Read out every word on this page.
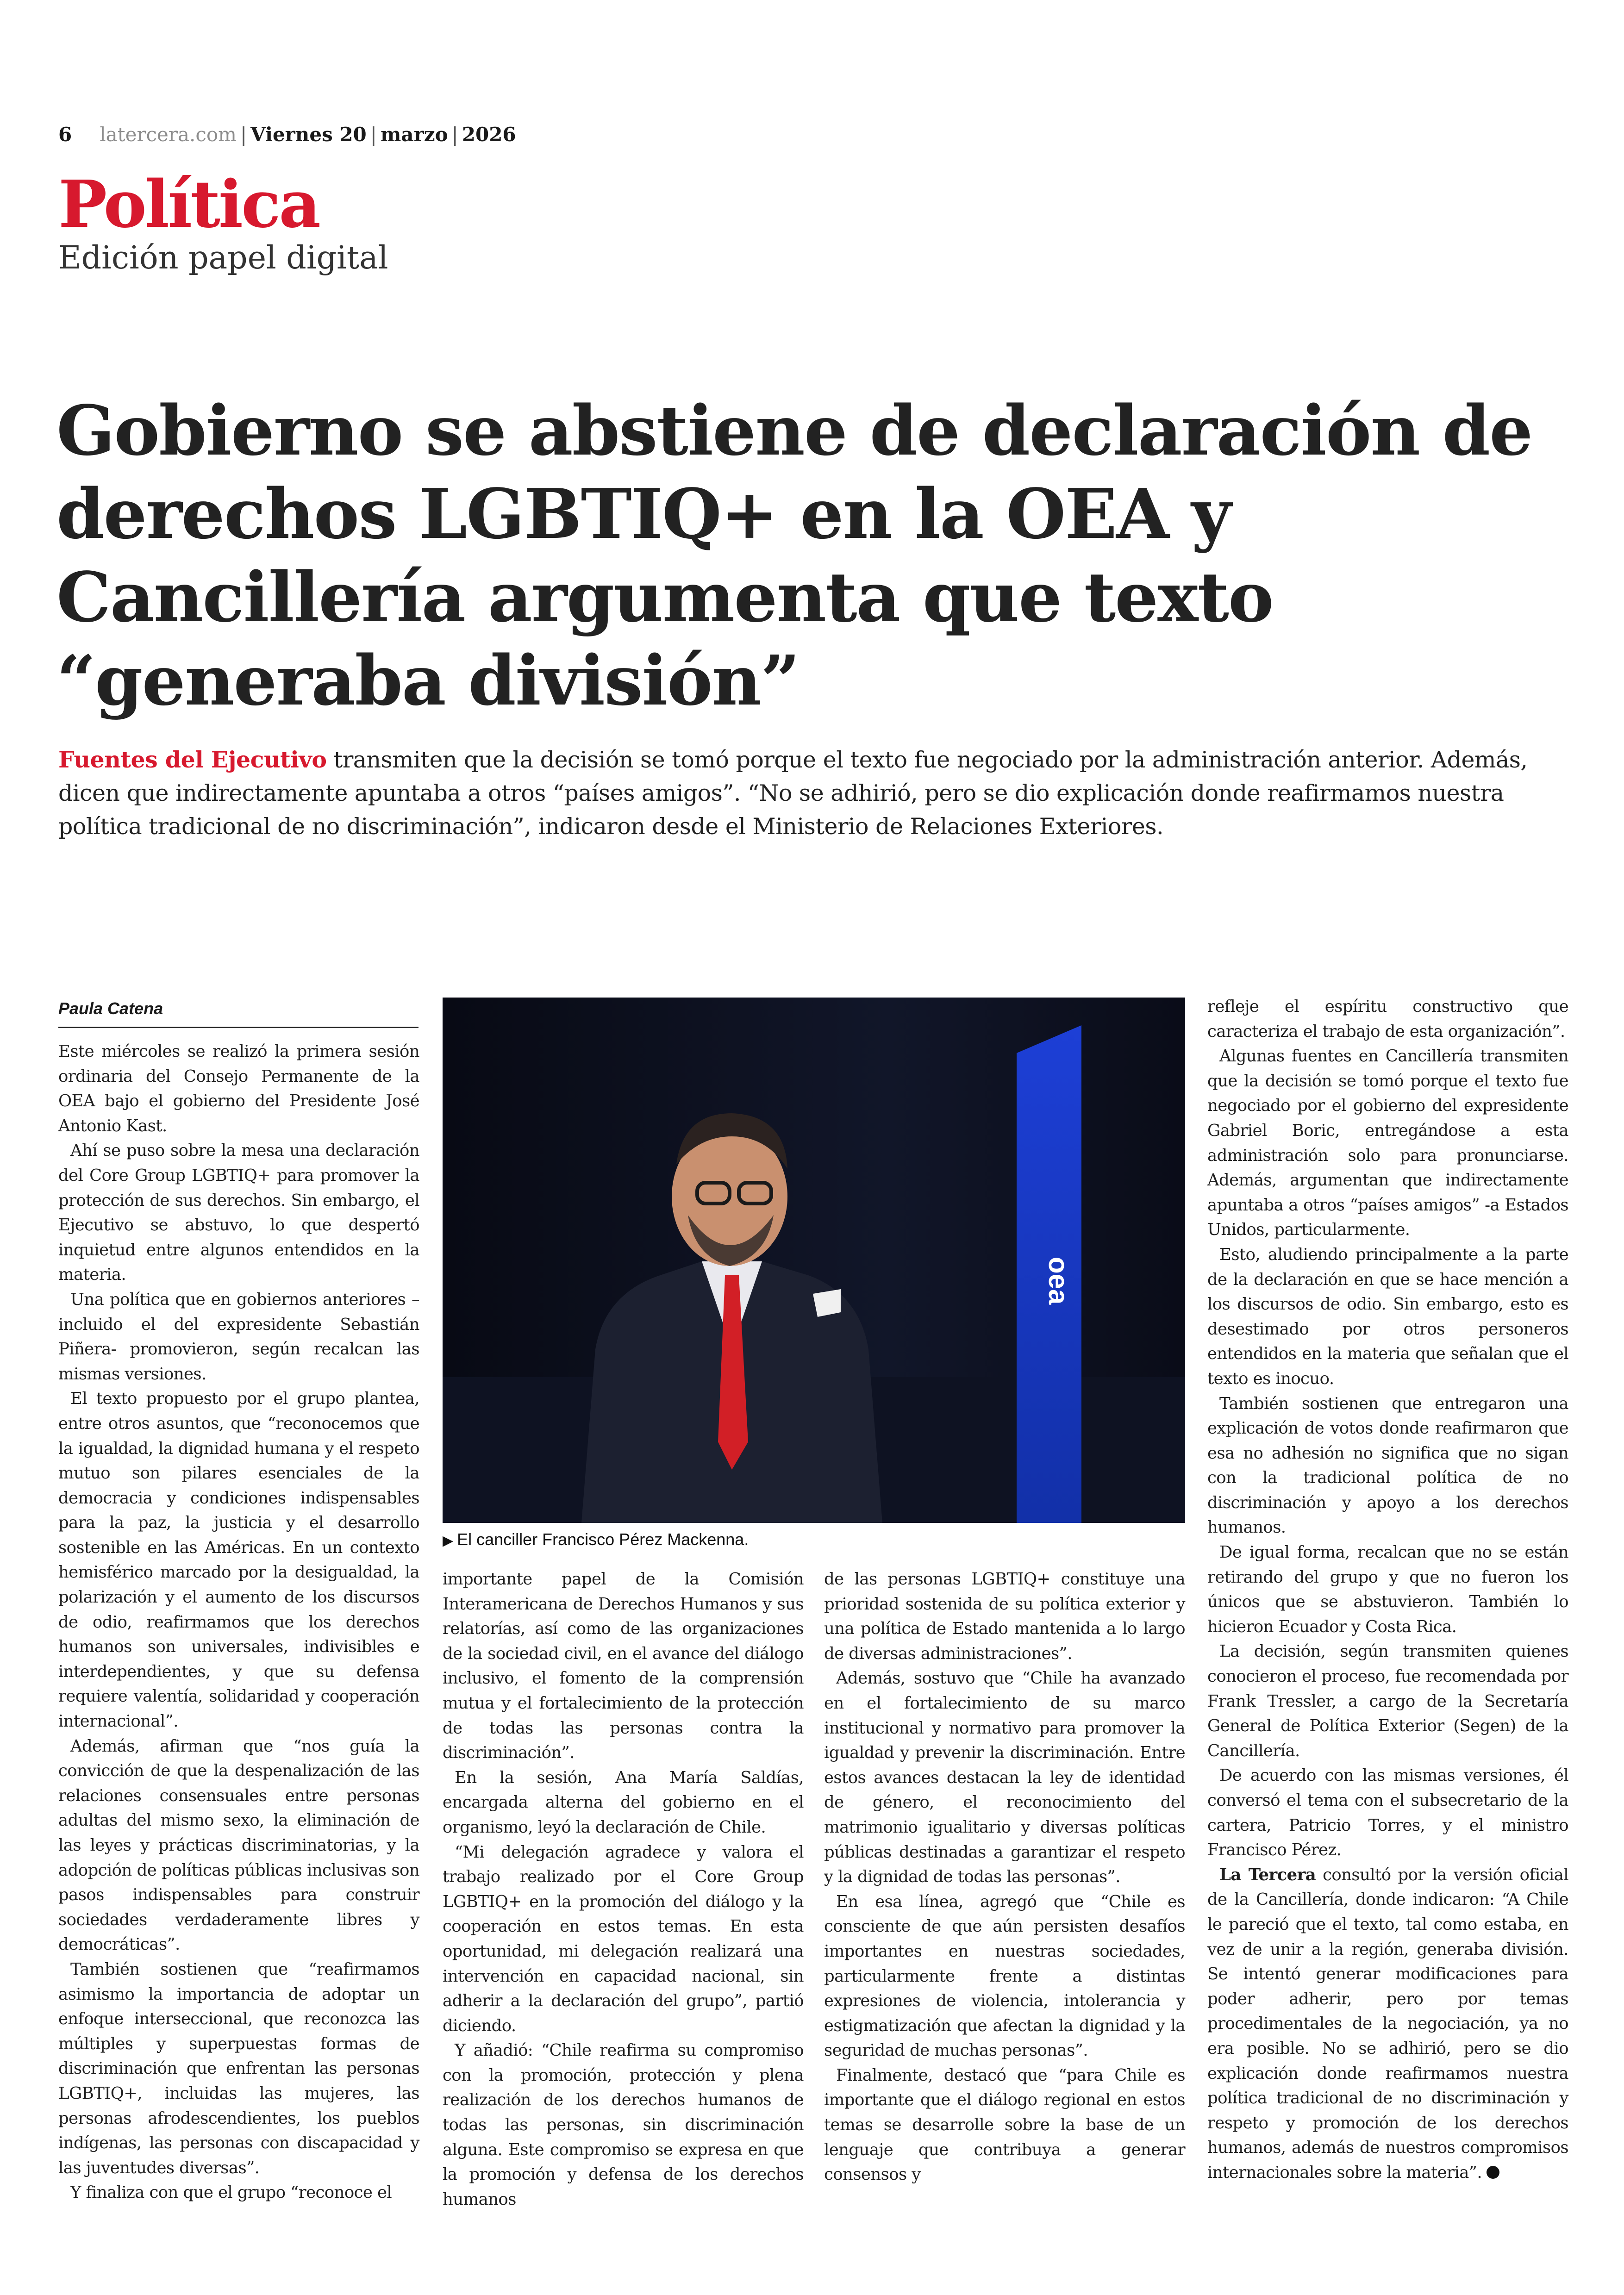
6 latercera.com | Viernes 20 | marzo | 2026
Política
Edición papel digital
Gobierno se abstiene de declaración de derechos LGBTIQ+ en la OEA y Cancillería argumenta que texto “generaba división”

Fuentes del Ejecutivo transmiten que la decisión se tomó porque el texto fue negociado por la administración anterior. Además, dicen que indirectamente apuntaba a otros “países amigos”. “No se adhirió, pero se dio explicación donde reafirmamos nuestra política tradicional de no discriminación”, indicaron desde el Ministerio de Relaciones Exteriores.

Paula Catena

Este miércoles se realizó la primera sesión ordinaria del Consejo Permanente de la OEA bajo el gobierno del Presidente José Antonio Kast.

Ahí se puso sobre la mesa una declaración del Core Group LGBTIQ+ para promover la protección de sus derechos. Sin embargo, el Ejecutivo se abstuvo, lo que despertó inquietud entre algunos entendidos en la materia.

Una política que en gobiernos anteriores –incluido el del expresidente Sebastián Piñera- promovieron, según recalcan las mismas versiones.

El texto propuesto por el grupo plantea, entre otros asuntos, que “reconocemos que la igualdad, la dignidad humana y el respeto mutuo son pilares esenciales de la democracia y condiciones indispensables para la paz, la justicia y el desarrollo sostenible en las Américas. En un contexto hemisférico marcado por la desigualdad, la polarización y el aumento de los discursos de odio, reafirmamos que los derechos humanos son universales, indivisibles e interdependientes, y que su defensa requiere valentía, solidaridad y cooperación internacional”.

Además, afirman que “nos guía la convicción de que la despenalización de las relaciones consensuales entre personas adultas del mismo sexo, la eliminación de las leyes y prácticas discriminatorias, y la adopción de políticas públicas inclusivas son pasos indispensables para construir sociedades verdaderamente libres y democráticas”.

También sostienen que “reafirmamos asimismo la importancia de adoptar un enfoque interseccional, que reconozca las múltiples y superpuestas formas de discriminación que enfrentan las personas LGBTIQ+, incluidas las mujeres, las personas afrodescendientes, los pueblos indígenas, las personas con discapacidad y las juventudes diversas”.

Y finaliza con que el grupo “reconoce el

oea
▶ El canciller Francisco Pérez Mackenna.

importante papel de la Comisión Interamericana de Derechos Humanos y sus relatorías, así como de las organizaciones de la sociedad civil, en el avance del diálogo inclusivo, el fomento de la comprensión mutua y el fortalecimiento de la protección de todas las personas contra la discriminación”.

En la sesión, Ana María Saldías, encargada alterna del gobierno en el organismo, leyó la declaración de Chile.

“Mi delegación agradece y valora el trabajo realizado por el Core Group LGBTIQ+ en la promoción del diálogo y la cooperación en estos temas. En esta oportunidad, mi delegación realizará una intervención en capacidad nacional, sin adherir a la declaración del grupo”, partió diciendo.

Y añadió: “Chile reafirma su compromiso con la promoción, protección y plena realización de los derechos humanos de todas las personas, sin discriminación alguna. Este compromiso se expresa en que la promoción y defensa de los derechos humanos

de las personas LGBTIQ+ constituye una prioridad sostenida de su política exterior y una política de Estado mantenida a lo largo de diversas administraciones”.

Además, sostuvo que “Chile ha avanzado en el fortalecimiento de su marco institucional y normativo para promover la igualdad y prevenir la discriminación. Entre estos avances destacan la ley de identidad de género, el reconocimiento del matrimonio igualitario y diversas políticas públicas destinadas a garantizar el respeto y la dignidad de todas las personas”.

En esa línea, agregó que “Chile es consciente de que aún persisten desafíos importantes en nuestras sociedades, particularmente frente a distintas expresiones de violencia, intolerancia y estigmatización que afectan la dignidad y la seguridad de muchas personas”.

Finalmente, destacó que “para Chile es importante que el diálogo regional en estos temas se desarrolle sobre la base de un lenguaje que contribuya a generar consensos y

refleje el espíritu constructivo que caracteriza el trabajo de esta organización”.

Algunas fuentes en Cancillería transmiten que la decisión se tomó porque el texto fue negociado por el gobierno del expresidente Gabriel Boric, entregándose a esta administración solo para pronunciarse. Además, argumentan que indirectamente apuntaba a otros “países amigos” -a Estados Unidos, particularmente.

Esto, aludiendo principalmente a la parte de la declaración en que se hace mención a los discursos de odio. Sin embargo, esto es desestimado por otros personeros entendidos en la materia que señalan que el texto es inocuo.

También sostienen que entregaron una explicación de votos donde reafirmaron que esa no adhesión no significa que no sigan con la tradicional política de no discriminación y apoyo a los derechos humanos.

De igual forma, recalcan que no se están retirando del grupo y que no fueron los únicos que se abstuvieron. También lo hicieron Ecuador y Costa Rica.

La decisión, según transmiten quienes conocieron el proceso, fue recomendada por Frank Tressler, a cargo de la Secretaría General de Política Exterior (Segen) de la Cancillería.

De acuerdo con las mismas versiones, él conversó el tema con el subsecretario de la cartera, Patricio Torres, y el ministro Francisco Pérez.

La Tercera consultó por la versión oficial de la Cancillería, donde indicaron: “A Chile le pareció que el texto, tal como estaba, en vez de unir a la región, generaba división. Se intentó generar modificaciones para poder adherir, pero por temas procedimentales de la negociación, ya no era posible. No se adhirió, pero se dio explicación donde reafirmamos nuestra política tradicional de no discriminación y respeto y promoción de los derechos humanos, además de nuestros compromisos internacionales sobre la materia”.
